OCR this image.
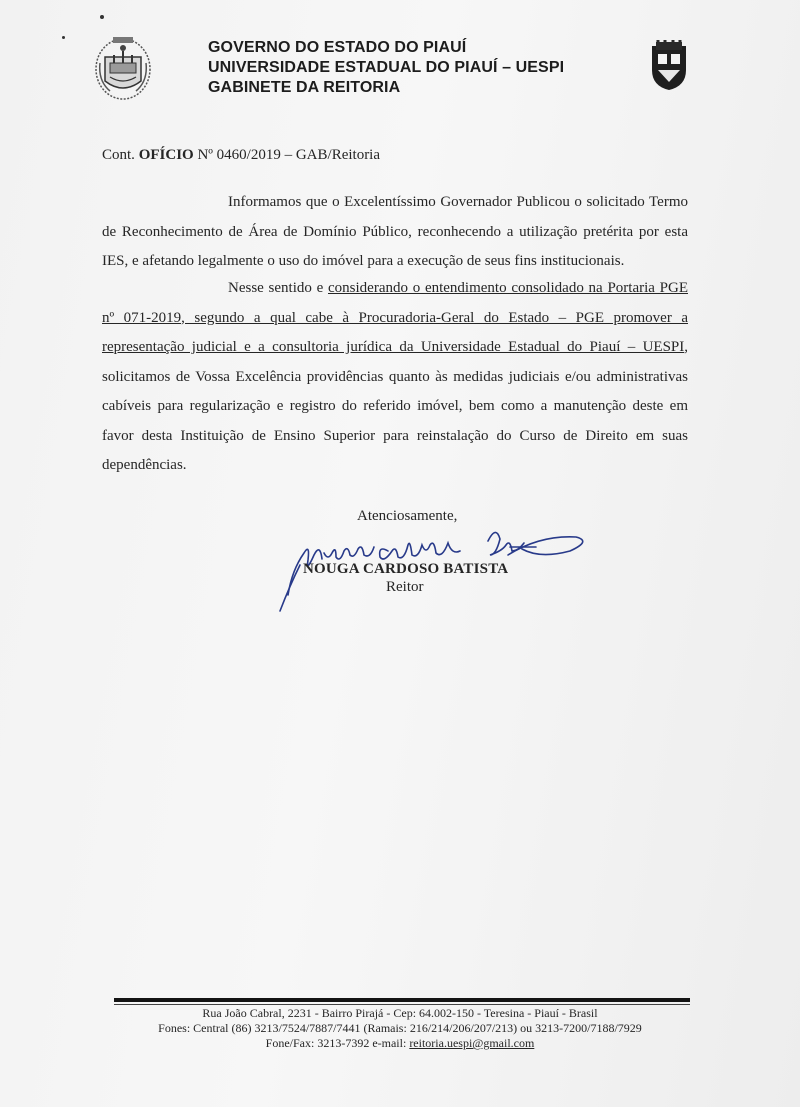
GOVERNO DO ESTADO DO PIAUÍ
UNIVERSIDADE ESTADUAL DO PIAUÍ – UESPI
GABINETE DA REITORIA
Cont. OFÍCIO Nº 0460/2019 – GAB/Reitoria
Informamos que o Excelentíssimo Governador Publicou o solicitado Termo de Reconhecimento de Área de Domínio Público, reconhecendo a utilização pretérita por esta IES, e afetando legalmente o uso do imóvel para a execução de seus fins institucionais.
Nesse sentido e considerando o entendimento consolidado na Portaria PGE nº 071-2019, segundo a qual cabe à Procuradoria-Geral do Estado – PGE promover a representação judicial e a consultoria jurídica da Universidade Estadual do Piauí – UESPI, solicitamos de Vossa Excelência providências quanto às medidas judiciais e/ou administrativas cabíveis para regularização e registro do referido imóvel, bem como a manutenção deste em favor desta Instituição de Ensino Superior para reinstalação do Curso de Direito em suas dependências.
Atenciosamente,
NOUGA CARDOSO BATISTA
Reitor
Rua João Cabral, 2231 - Bairro Pirajá - Cep: 64.002-150 - Teresina - Piauí - Brasil
Fones: Central (86) 3213/7524/7887/7441 (Ramais: 216/214/206/207/213) ou 3213-7200/7188/7929
Fone/Fax: 3213-7392 e-mail: reitoria.uespi@gmail.com
